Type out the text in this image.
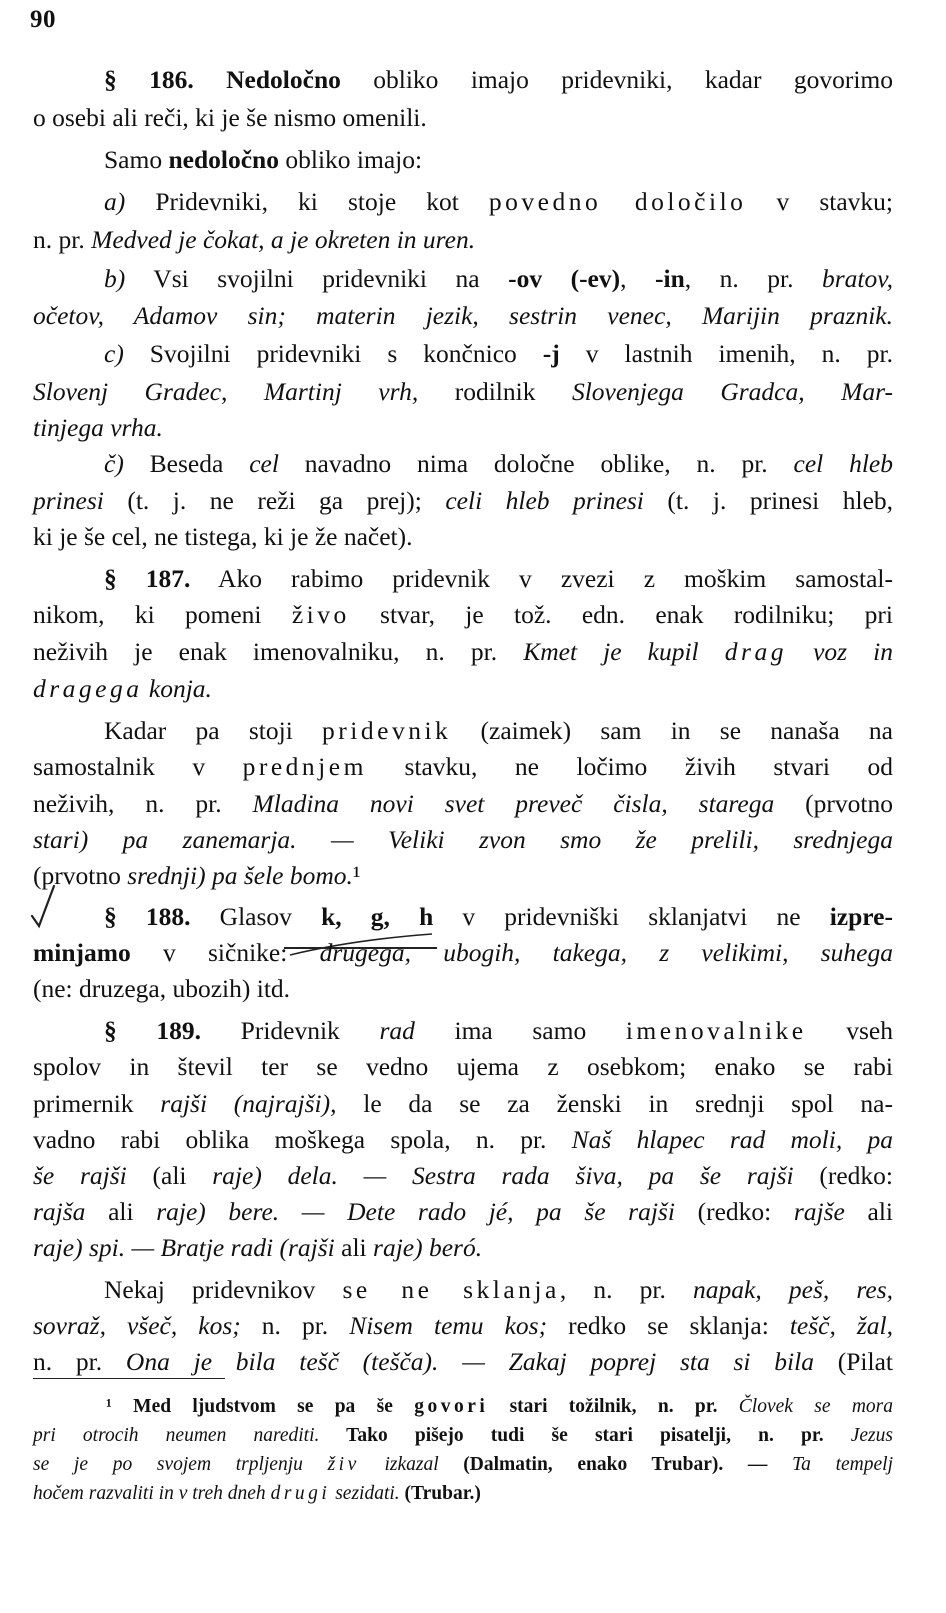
90
§ 186. Nedoločno obliko imajo pridevniki, kadar govorimo
o osebi ali reči, ki je še nismo omenili.
Samo nedoločno obliko imajo:
a) Pridevniki, ki stoje kot povedno določilo v stavku;
n. pr. Medved je čokat, a je okreten in uren.
b) Vsi svojilni pridevniki na -ov (-ev), -in, n. pr. bratov,
očetov, Adamov sin; materin jezik, sestrin venec, Marijin praznik.
c) Svojilni pridevniki s končnico -j v lastnih imenih, n. pr.
Slovenj Gradec, Martinj vrh, rodilnik Slovenjega Gradca, Mar-
tinjega vrha.
č) Beseda cel navadno nima določne oblike, n. pr. cel hleb
prinesi (t. j. ne reži ga prej); celi hleb prinesi (t. j. prinesi hleb,
ki je še cel, ne tistega, ki je že načet).
§ 187. Ako rabimo pridevnik v zvezi z moškim samostal-
nikom, ki pomeni živo stvar, je tož. edn. enak rodilniku; pri
neživih je enak imenovalniku, n. pr. Kmet je kupil drag voz in
dragega konja.
Kadar pa stoji pridevnik (zaimek) sam in se nanaša na
samostalnik v prednjem stavku, ne ločimo živih stvari od
neživih, n. pr. Mladina novi svet preveč čisla, starega (prvotno
stari) pa zanemarja. — Veliki zvon smo že prelili, srednjega
(prvotno srednji) pa šele bomo.¹
§ 188. Glasov k, g, h v pridevniški sklanjatvi ne izpre-
minjamo v sičnike: drugega, ubogih, takega, z velikimi, suhega
(ne: druzega, ubozih) itd.
§ 189. Pridevnik rad ima samo imenovalnike vseh
spolov in števil ter se vedno ujema z osebkom; enako se rabi
primernik rajši (najrajši), le da se za ženski in srednji spol na-
vadno rabi oblika moškega spola, n. pr. Naš hlapec rad moli, pa
še rajši (ali raje) dela. — Sestra rada šiva, pa še rajši (redko:
rajša ali raje) bere. — Dete rado jé, pa še rajši (redko: rajše ali
raje) spi. — Bratje radi (rajši ali raje) beró.
Nekaj pridevnikov se ne sklanja, n. pr. napak, peš, res,
sovraž, všeč, kos; n. pr. Nisem temu kos; redko se sklanja: tešč, žal,
n. pr. Ona je bila tešč (tešča). — Zakaj poprej sta si bila (Pilat
¹ Med ljudstvom se pa še govori stari tožilnik, n. pr. Človek se mora
pri otrocih neumen narediti. Tako pišejo tudi še stari pisatelji, n. pr. Jezus
se je po svojem trpljenju živ izkazal (Dalmatin, enako Trubar). — Ta tempelj
hočem razvaliti in v treh dneh drugi sezidati. (Trubar.)
